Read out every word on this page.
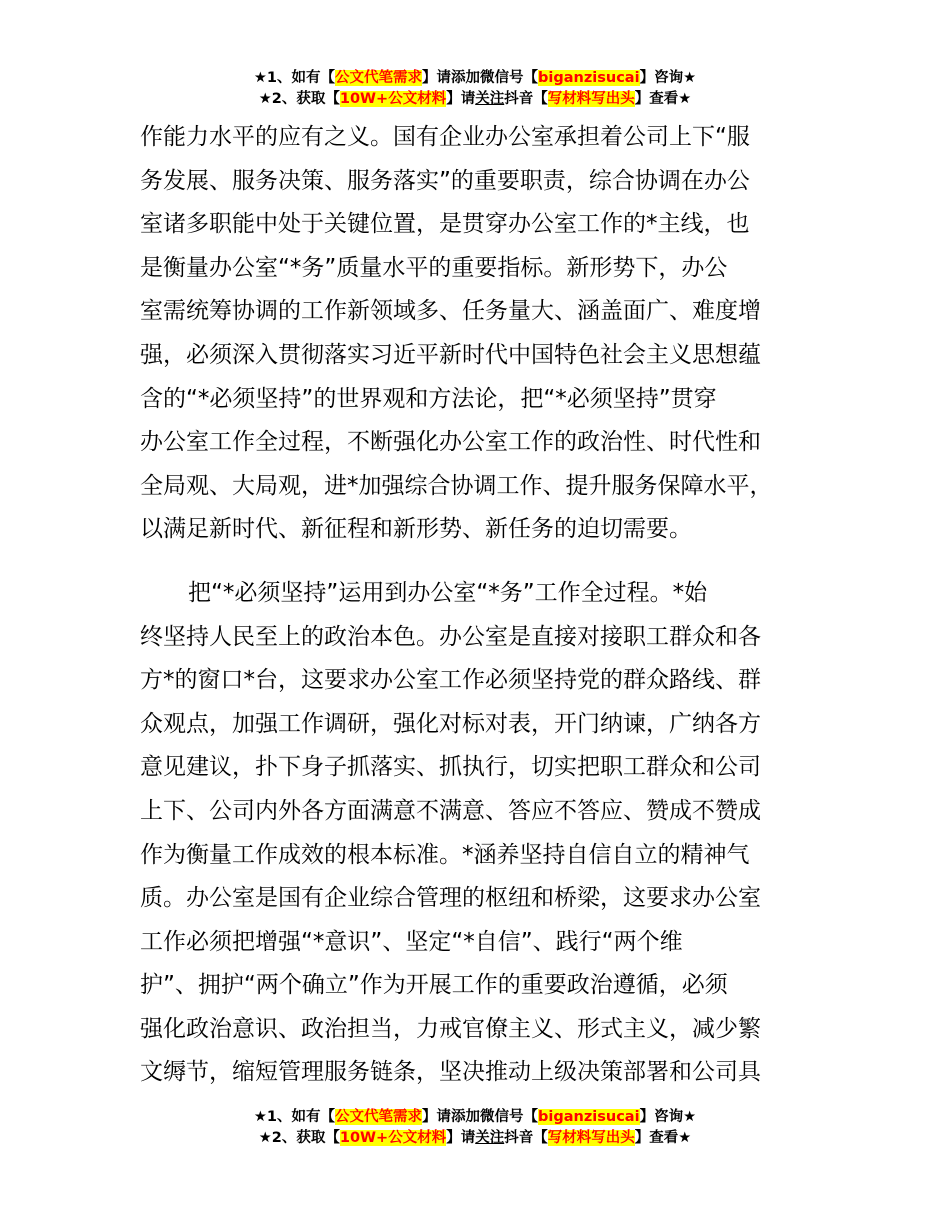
★1、如有【公文代笔需求】请添加微信号【biganzisucai】咨询★
★2、获取【10W+公文材料】请关注抖音【写材料写出头】查看★
作能力水平的应有之义。国有企业办公室承担着公司上下“服
务发展、服务决策、服务落实”的重要职责，综合协调在办公
室诸多职能中处于关键位置，是贯穿办公室工作的*主线，也
是衡量办公室“*务”质量水平的重要指标。新形势下，办公
室需统筹协调的工作新领域多、任务量大、涵盖面广、难度增
强，必须深入贯彻落实习近平新时代中国特色社会主义思想蕴
含的“*必须坚持”的世界观和方法论，把“*必须坚持”贯穿
办公室工作全过程，不断强化办公室工作的政治性、时代性和
全局观、大局观，进*加强综合协调工作、提升服务保障水平，
以满足新时代、新征程和新形势、新任务的迫切需要。
把“*必须坚持”运用到办公室“*务”工作全过程。*始
终坚持人民至上的政治本色。办公室是直接对接职工群众和各
方*的窗口*台，这要求办公室工作必须坚持党的群众路线、群
众观点，加强工作调研，强化对标对表，开门纳谏，广纳各方
意见建议，扑下身子抓落实、抓执行，切实把职工群众和公司
上下、公司内外各方面满意不满意、答应不答应、赞成不赞成
作为衡量工作成效的根本标准。*涵养坚持自信自立的精神气
质。办公室是国有企业综合管理的枢纽和桥梁，这要求办公室
工作必须把增强“*意识”、坚定“*自信”、践行“两个维
护”、拥护“两个确立”作为开展工作的重要政治遵循，必须
强化政治意识、政治担当，力戒官僚主义、形式主义，减少繁
文缛节，缩短管理服务链条，坚决推动上级决策部署和公司具
★1、如有【公文代笔需求】请添加微信号【biganzisucai】咨询★
★2、获取【10W+公文材料】请关注抖音【写材料写出头】查看★
